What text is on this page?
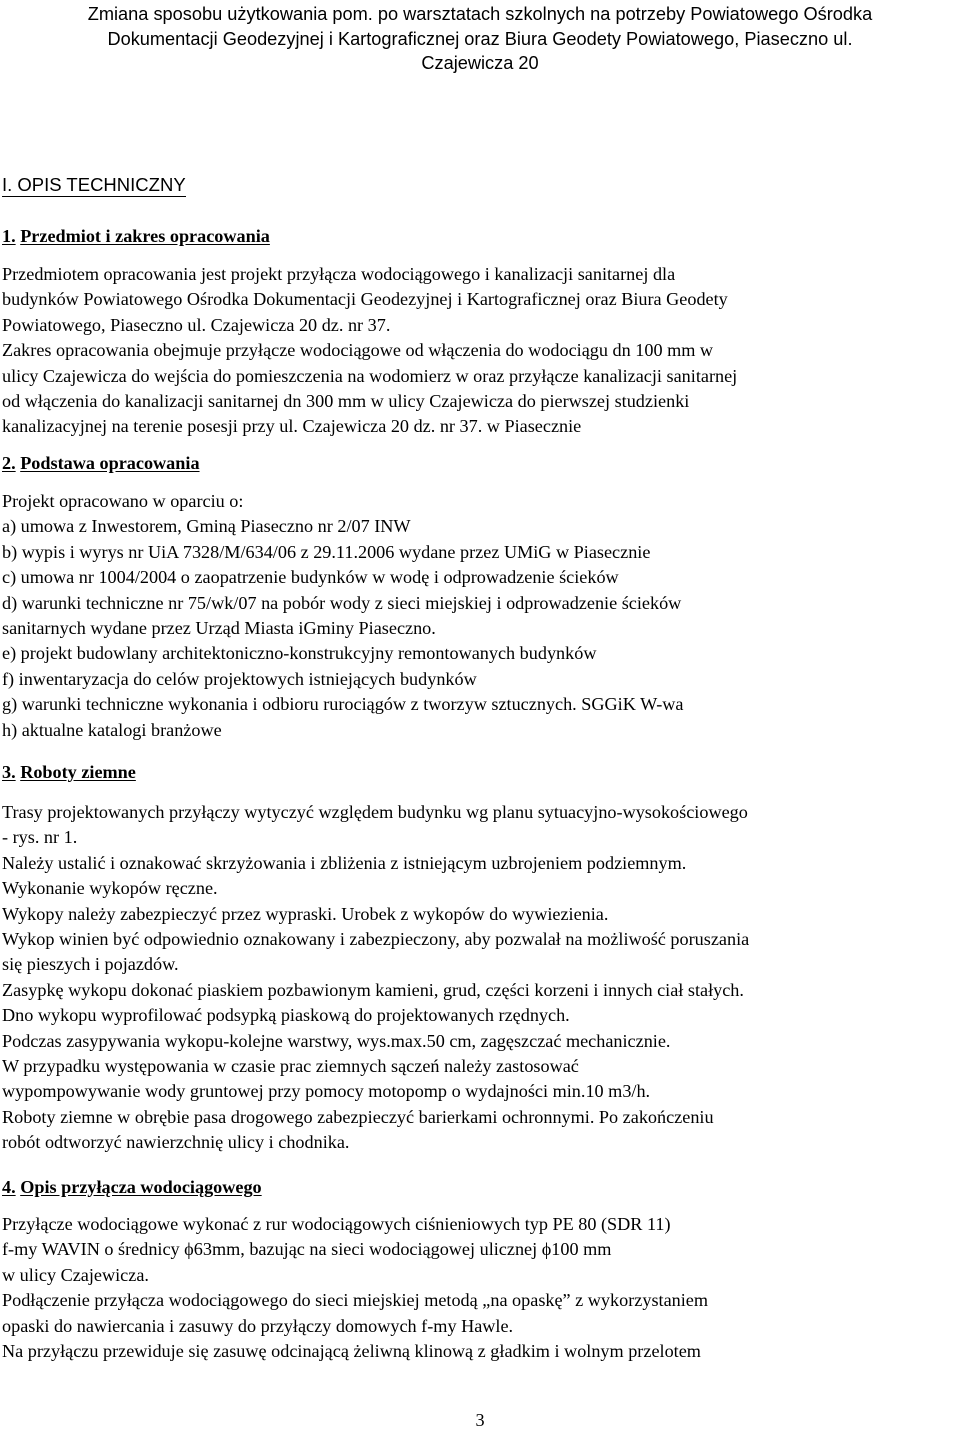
Zmiana sposobu użytkowania pom. po warsztatach szkolnych na potrzeby Powiatowego Ośrodka
Dokumentacji Geodezyjnej i Kartograficznej oraz Biura Geodety Powiatowego, Piaseczno ul.
Czajewicza 20
I. OPIS TECHNICZNY
1. Przedmiot i zakres opracowania
Przedmiotem opracowania jest projekt przyłącza wodociągowego i kanalizacji sanitarnej dla
budynków Powiatowego Ośrodka Dokumentacji Geodezyjnej i Kartograficznej oraz Biura Geodety
Powiatowego, Piaseczno ul. Czajewicza 20 dz. nr 37.
Zakres opracowania obejmuje przyłącze wodociągowe od włączenia do wodociągu dn 100 mm w
ulicy Czajewicza do wejścia do pomieszczenia na wodomierz w oraz przyłącze kanalizacji sanitarnej
od włączenia do kanalizacji sanitarnej dn 300 mm w ulicy Czajewicza do pierwszej studzienki
kanalizacyjnej na terenie posesji przy ul. Czajewicza 20 dz. nr 37. w Piasecznie
2. Podstawa opracowania
Projekt opracowano w oparciu o:
a) umowa z Inwestorem, Gminą Piaseczno nr 2/07 INW
b) wypis i wyrys nr UiA 7328/M/634/06 z 29.11.2006 wydane przez UMiG w Piasecznie
c) umowa nr 1004/2004 o zaopatrzenie budynków w wodę i odprowadzenie ścieków
d) warunki techniczne nr 75/wk/07 na pobór wody z sieci miejskiej i odprowadzenie ścieków
sanitarnych wydane przez Urząd Miasta iGminy Piaseczno.
e) projekt budowlany architektoniczno-konstrukcyjny remontowanych budynków
f) inwentaryzacja do celów projektowych istniejących budynków
g) warunki techniczne wykonania i odbioru rurociągów z tworzyw sztucznych. SGGiK W-wa
h) aktualne katalogi branżowe
3. Roboty ziemne
Trasy projektowanych przyłączy wytyczyć względem budynku wg planu sytuacyjno-wysokościowego
- rys. nr 1.
Należy ustalić i oznakować skrzyżowania i zbliżenia z istniejącym uzbrojeniem podziemnym.
Wykonanie wykopów ręczne.
Wykopy należy zabezpieczyć przez wypraski. Urobek z wykopów do wywiezienia.
Wykop winien być odpowiednio oznakowany i zabezpieczony, aby pozwalał na możliwość poruszania
się pieszych i pojazdów.
Zasypkę wykopu dokonać piaskiem pozbawionym kamieni, grud, części korzeni i innych ciał stałych.
Dno wykopu wyprofilować podsypką piaskową do projektowanych rzędnych.
Podczas zasypywania wykopu-kolejne warstwy, wys.max.50 cm, zagęszczać mechanicznie.
W przypadku występowania w czasie prac ziemnych sączeń należy zastosować
wypompowywanie wody gruntowej przy pomocy motopomp o wydajności min.10 m3/h.
Roboty ziemne w obrębie pasa drogowego zabezpieczyć barierkami ochronnymi. Po zakończeniu
robót odtworzyć nawierzchnię ulicy i chodnika.
4. Opis przyłącza wodociągowego
Przyłącze wodociągowe wykonać z rur wodociągowych ciśnieniowych typ PE 80 (SDR 11)
f-my WAVIN o średnicy ϕ63mm, bazując na sieci wodociągowej ulicznej ϕ100 mm
w ulicy Czajewicza.
Podłączenie przyłącza wodociągowego do sieci miejskiej metodą „na opaskę” z wykorzystaniem
opaski do nawiercania i zasuwy do przyłączy domowych f-my Hawle.
Na przyłączu przewiduje się zasuwę odcinającą żeliwną klinową z gładkim i wolnym przelotem
3
